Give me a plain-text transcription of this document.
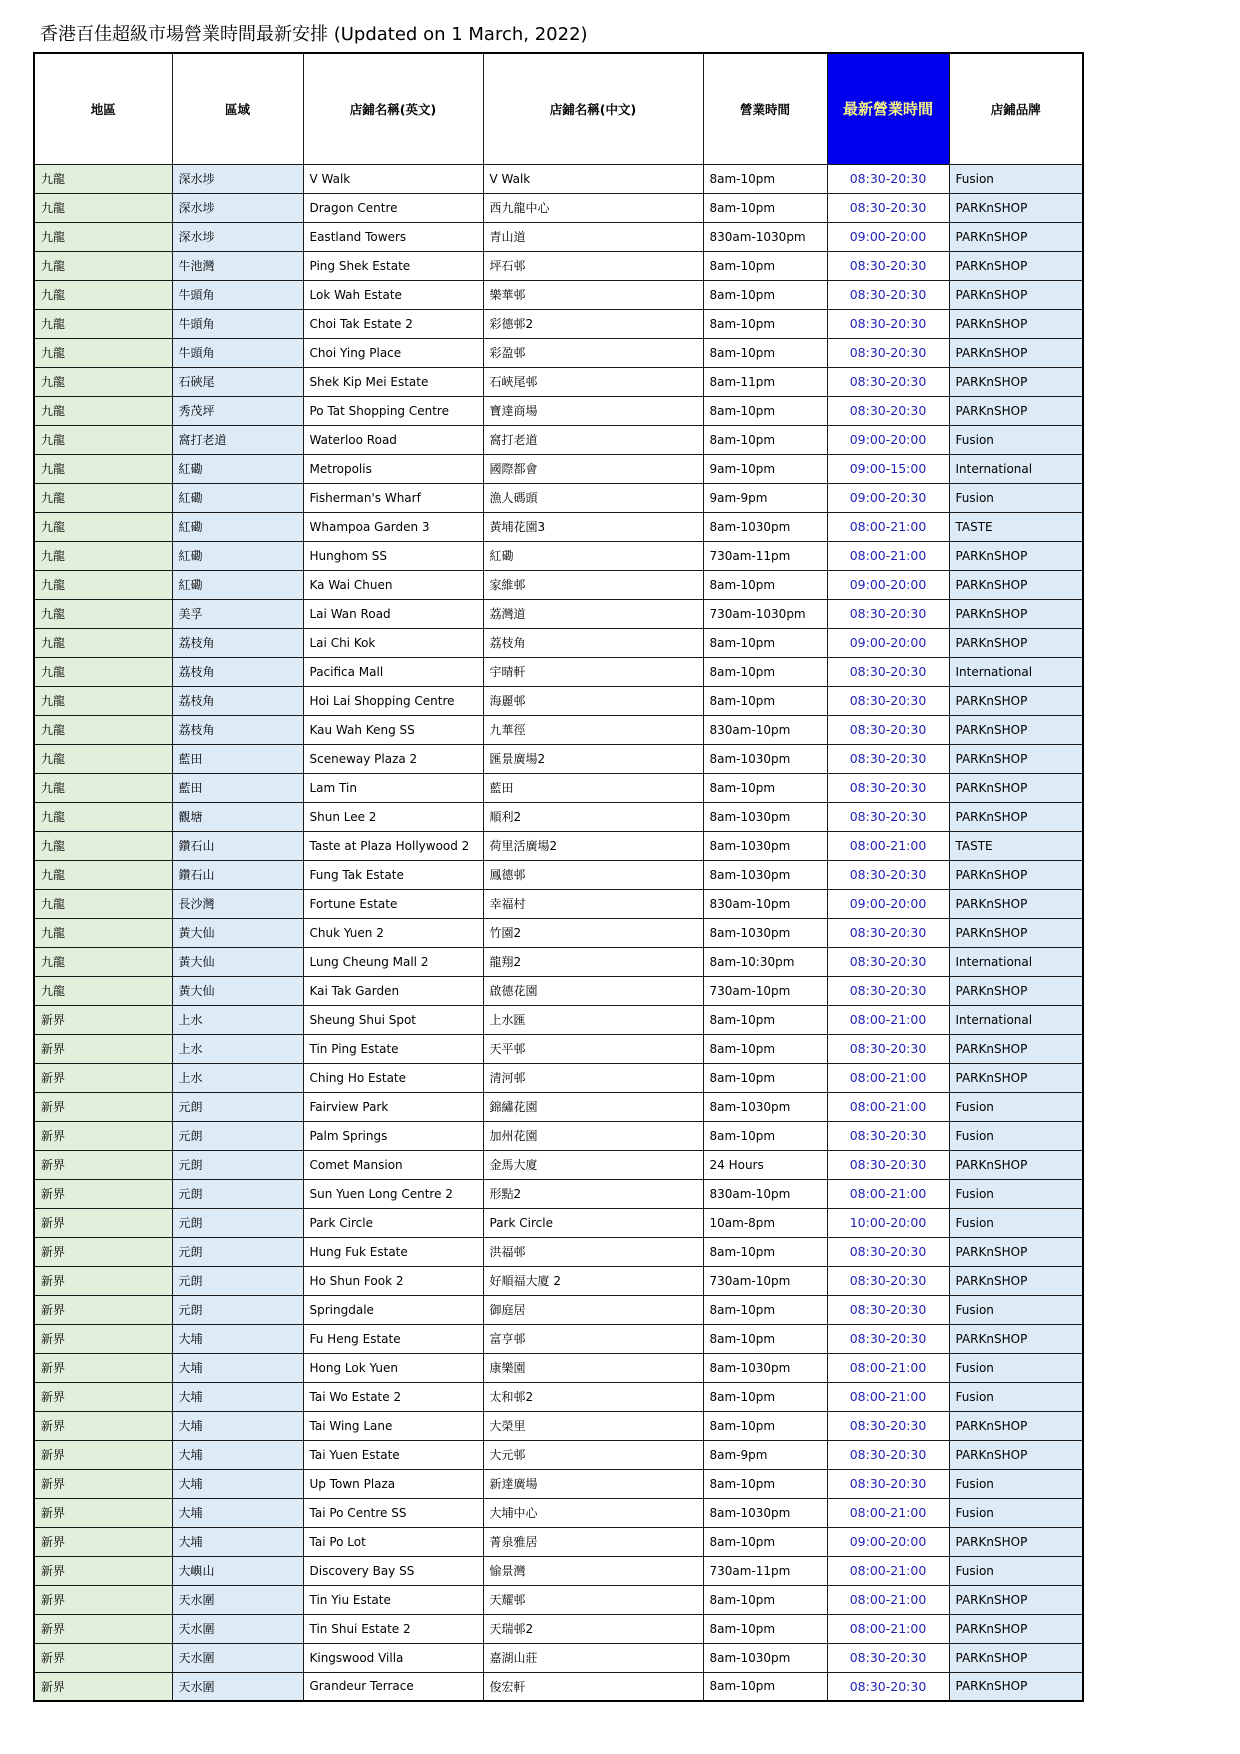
香港百佳超級市場營業時間最新安排 (Updated on 1 March, 2022)
地區	區域	店鋪名稱(英文)	店鋪名稱(中文)	營業時間	最新營業時間	店鋪品牌
九龍	深水埗	V Walk	V Walk	8am-10pm	08:30-20:30	Fusion
九龍	深水埗	Dragon Centre	西九龍中心	8am-10pm	08:30-20:30	PARKnSHOP
九龍	深水埗	Eastland Towers	青山道	830am-1030pm	09:00-20:00	PARKnSHOP
九龍	牛池灣	Ping Shek Estate	坪石邨	8am-10pm	08:30-20:30	PARKnSHOP
九龍	牛頭角	Lok Wah Estate	樂華邨	8am-10pm	08:30-20:30	PARKnSHOP
九龍	牛頭角	Choi Tak Estate 2	彩德邨2	8am-10pm	08:30-20:30	PARKnSHOP
九龍	牛頭角	Choi Ying Place	彩盈邨	8am-10pm	08:30-20:30	PARKnSHOP
九龍	石硤尾	Shek Kip Mei Estate	石峽尾邨	8am-11pm	08:30-20:30	PARKnSHOP
九龍	秀茂坪	Po Tat Shopping Centre	寶達商場	8am-10pm	08:30-20:30	PARKnSHOP
九龍	窩打老道	Waterloo Road	窩打老道	8am-10pm	09:00-20:00	Fusion
九龍	紅磡	Metropolis	國際都會	9am-10pm	09:00-15:00	International
九龍	紅磡	Fisherman's Wharf	漁人碼頭	9am-9pm	09:00-20:30	Fusion
九龍	紅磡	Whampoa Garden 3	黃埔花園3	8am-1030pm	08:00-21:00	TASTE
九龍	紅磡	Hunghom SS	紅磡	730am-11pm	08:00-21:00	PARKnSHOP
九龍	紅磡	Ka Wai Chuen	家維邨	8am-10pm	09:00-20:00	PARKnSHOP
九龍	美孚	Lai Wan Road	荔灣道	730am-1030pm	08:30-20:30	PARKnSHOP
九龍	荔枝角	Lai Chi Kok	荔枝角	8am-10pm	09:00-20:00	PARKnSHOP
九龍	荔枝角	Pacifica Mall	宇晴軒	8am-10pm	08:30-20:30	International
九龍	荔枝角	Hoi Lai Shopping Centre	海麗邨	8am-10pm	08:30-20:30	PARKnSHOP
九龍	荔枝角	Kau Wah Keng SS	九華徑	830am-10pm	08:30-20:30	PARKnSHOP
九龍	藍田	Sceneway Plaza 2	匯景廣場2	8am-1030pm	08:30-20:30	PARKnSHOP
九龍	藍田	Lam Tin	藍田	8am-10pm	08:30-20:30	PARKnSHOP
九龍	觀塘	Shun Lee 2	順利2	8am-1030pm	08:30-20:30	PARKnSHOP
九龍	鑽石山	Taste at Plaza Hollywood 2	荷里活廣場2	8am-1030pm	08:00-21:00	TASTE
九龍	鑽石山	Fung Tak Estate	鳳德邨	8am-1030pm	08:30-20:30	PARKnSHOP
九龍	長沙灣	Fortune Estate	幸福村	830am-10pm	09:00-20:00	PARKnSHOP
九龍	黃大仙	Chuk Yuen 2	竹園2	8am-1030pm	08:30-20:30	PARKnSHOP
九龍	黃大仙	Lung Cheung Mall 2	龍翔2	8am-10:30pm	08:30-20:30	International
九龍	黃大仙	Kai Tak Garden	啟德花園	730am-10pm	08:30-20:30	PARKnSHOP
新界	上水	Sheung Shui Spot	上水匯	8am-10pm	08:00-21:00	International
新界	上水	Tin Ping Estate	天平邨	8am-10pm	08:30-20:30	PARKnSHOP
新界	上水	Ching Ho Estate	清河邨	8am-10pm	08:00-21:00	PARKnSHOP
新界	元朗	Fairview Park	錦繡花園	8am-1030pm	08:00-21:00	Fusion
新界	元朗	Palm Springs	加州花園	8am-10pm	08:30-20:30	Fusion
新界	元朗	Comet Mansion	金馬大廈	24 Hours	08:30-20:30	PARKnSHOP
新界	元朗	Sun Yuen Long Centre 2	形點2	830am-10pm	08:00-21:00	Fusion
新界	元朗	Park Circle	Park Circle	10am-8pm	10:00-20:00	Fusion
新界	元朗	Hung Fuk Estate	洪福邨	8am-10pm	08:30-20:30	PARKnSHOP
新界	元朗	Ho Shun Fook 2	好順福大廈 2	730am-10pm	08:30-20:30	PARKnSHOP
新界	元朗	Springdale	御庭居	8am-10pm	08:30-20:30	Fusion
新界	大埔	Fu Heng Estate	富亨邨	8am-10pm	08:30-20:30	PARKnSHOP
新界	大埔	Hong Lok Yuen	康樂園	8am-1030pm	08:00-21:00	Fusion
新界	大埔	Tai Wo Estate 2	太和邨2	8am-10pm	08:00-21:00	Fusion
新界	大埔	Tai Wing Lane	大榮里	8am-10pm	08:30-20:30	PARKnSHOP
新界	大埔	Tai Yuen Estate	大元邨	8am-9pm	08:30-20:30	PARKnSHOP
新界	大埔	Up Town Plaza	新達廣場	8am-10pm	08:30-20:30	Fusion
新界	大埔	Tai Po Centre SS	大埔中心	8am-1030pm	08:00-21:00	Fusion
新界	大埔	Tai Po Lot	菁泉雅居	8am-10pm	09:00-20:00	PARKnSHOP
新界	大嶼山	Discovery Bay SS	愉景灣	730am-11pm	08:00-21:00	Fusion
新界	天水圍	Tin Yiu Estate	天耀邨	8am-10pm	08:00-21:00	PARKnSHOP
新界	天水圍	Tin Shui Estate 2	天瑞邨2	8am-10pm	08:00-21:00	PARKnSHOP
新界	天水圍	Kingswood Villa	嘉湖山莊	8am-1030pm	08:30-20:30	PARKnSHOP
新界	天水圍	Grandeur Terrace	俊宏軒	8am-10pm	08:30-20:30	PARKnSHOP
